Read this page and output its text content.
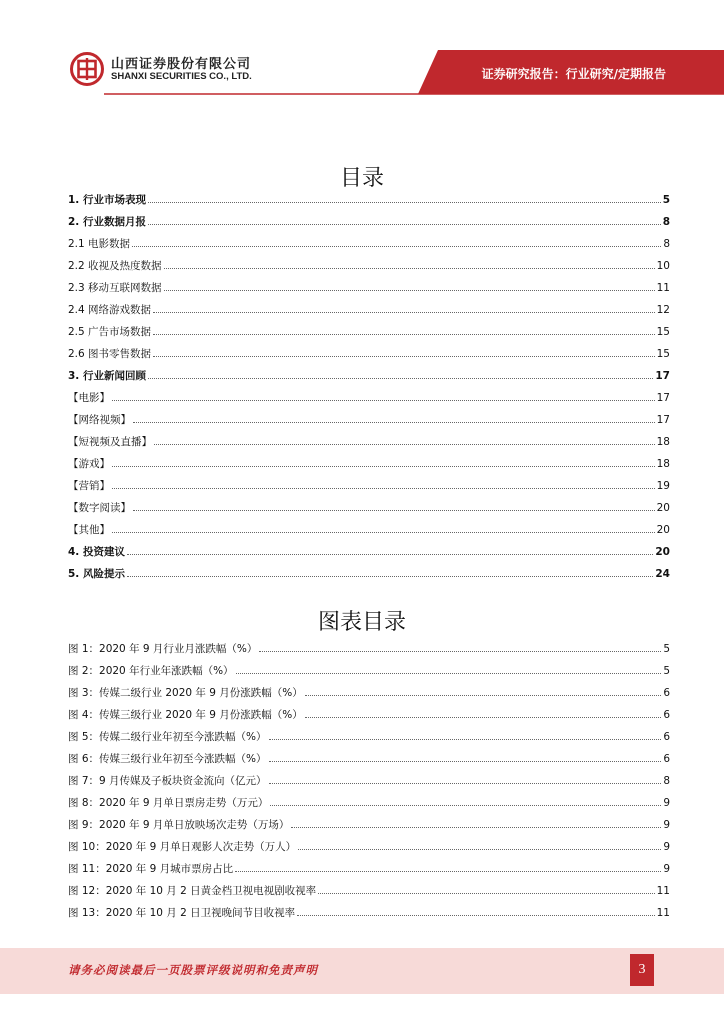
山西证券股份有限公司
SHANXI SECURITIES CO., LTD.	证券研究报告：行业研究/定期报告
目录
1. 行业市场表现	5
2. 行业数据月报	8
2.1 电影数据	8
2.2 收视及热度数据	10
2.3 移动互联网数据	11
2.4 网络游戏数据	12
2.5 广告市场数据	15
2.6 图书零售数据	15
3. 行业新闻回顾	17
【电影】	17
【网络视频】	17
【短视频及直播】	18
【游戏】	18
【营销】	19
【数字阅读】	20
【其他】	20
4. 投资建议	20
5. 风险提示	24
图表目录
图 1：2020 年 9 月行业月涨跌幅（%）	5
图 2：2020 年行业年涨跌幅（%）	5
图 3：传媒二级行业 2020 年 9 月份涨跌幅（%）	6
图 4：传媒三级行业 2020 年 9 月份涨跌幅（%）	6
图 5：传媒二级行业年初至今涨跌幅（%）	6
图 6：传媒三级行业年初至今涨跌幅（%）	6
图 7：9 月传媒及子板块资金流向（亿元）	8
图 8：2020 年 9 月单日票房走势（万元）	9
图 9：2020 年 9 月单日放映场次走势（万场）	9
图 10：2020 年 9 月单日观影人次走势（万人）	9
图 11：2020 年 9 月城市票房占比	9
图 12：2020 年 10 月 2 日黄金档卫视电视剧收视率	11
图 13：2020 年 10 月 2 日卫视晚间节目收视率	11
请务必阅读最后一页股票评级说明和免责声明	3
